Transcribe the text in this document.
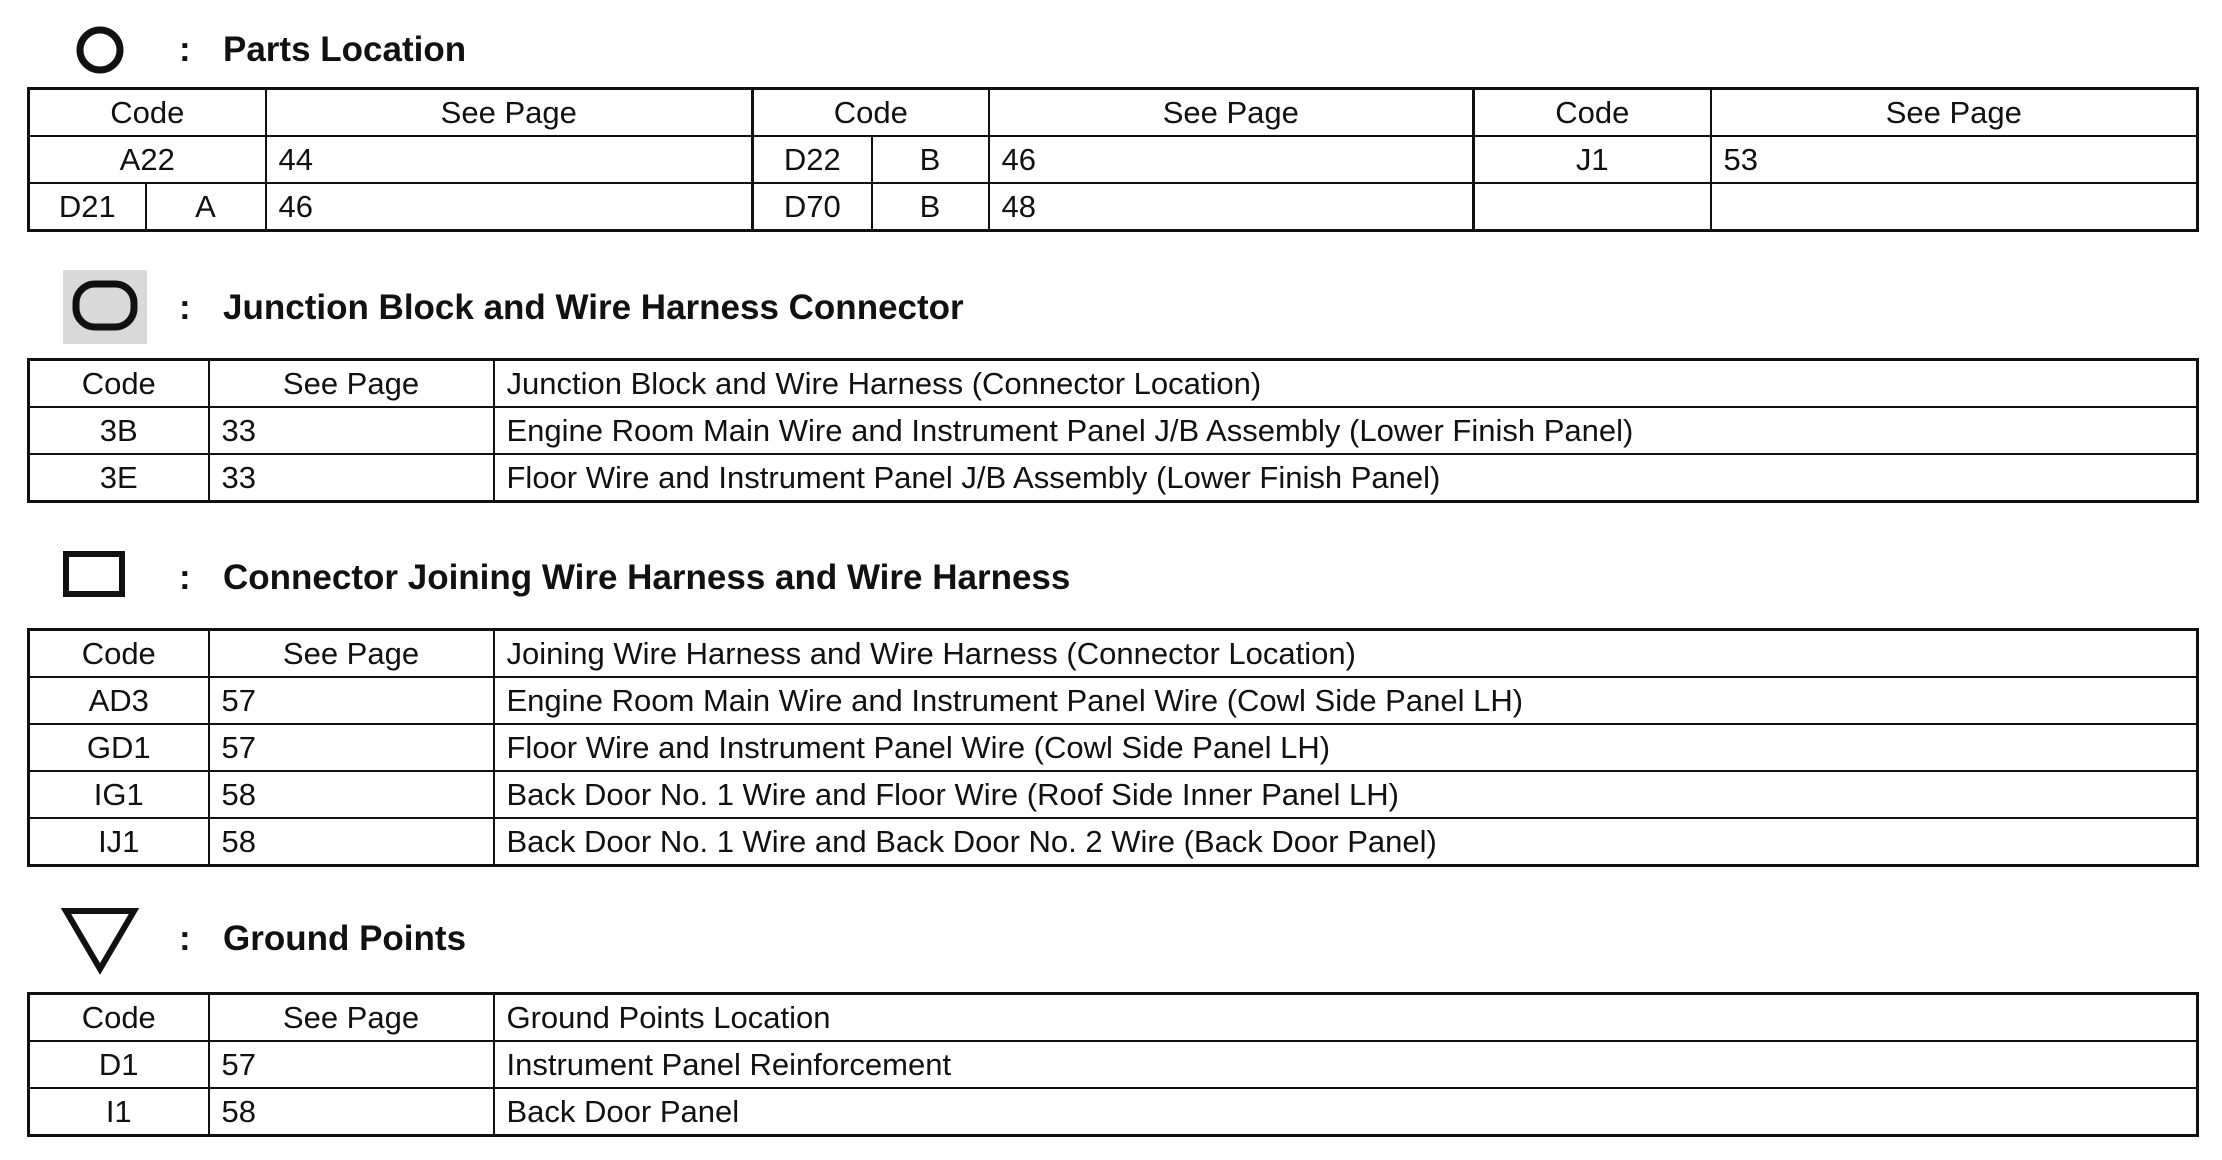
: Parts Location
Code		See Page	Code		See Page	Code	See Page
A22		44	D22	B	46	J1	53
D21	A	46	D70	B	48		
: Junction Block and Wire Harness Connector
Code	See Page	Junction Block and Wire Harness (Connector Location)
3B	33	Engine Room Main Wire and Instrument Panel J/B Assembly (Lower Finish Panel)
3E	33	Floor Wire and Instrument Panel J/B Assembly (Lower Finish Panel)
: Connector Joining Wire Harness and Wire Harness
Code	See Page	Joining Wire Harness and Wire Harness (Connector Location)
AD3	57	Engine Room Main Wire and Instrument Panel Wire (Cowl Side Panel LH)
GD1	57	Floor Wire and Instrument Panel Wire (Cowl Side Panel LH)
IG1	58	Back Door No. 1 Wire and Floor Wire (Roof Side Inner Panel LH)
IJ1	58	Back Door No. 1 Wire and Back Door No. 2 Wire (Back Door Panel)
: Ground Points
Code	See Page	Ground Points Location
D1	57	Instrument Panel Reinforcement
I1	58	Back Door Panel
